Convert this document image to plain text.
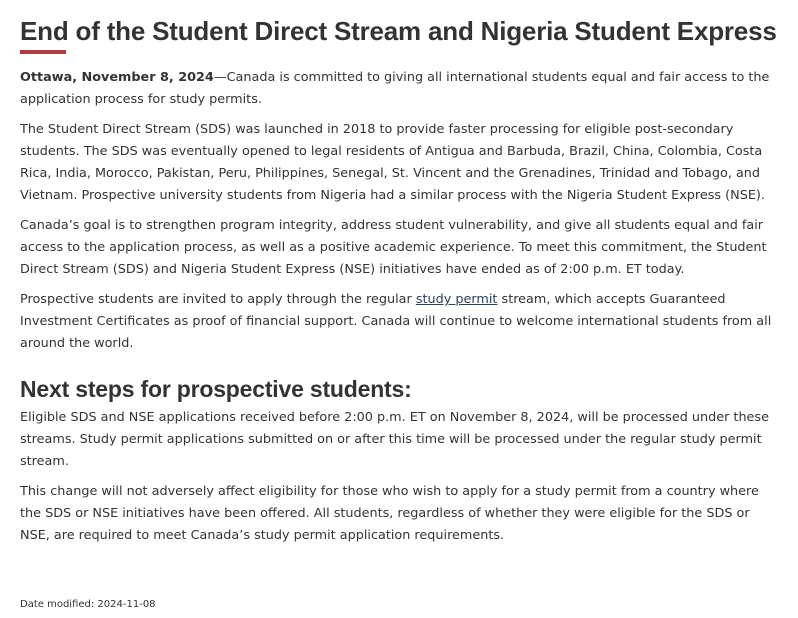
End of the Student Direct Stream and Nigeria Student Express

Ottawa, November 8, 2024—Canada is committed to giving all international students equal and fair access to the application process for study permits.

The Student Direct Stream (SDS) was launched in 2018 to provide faster processing for eligible post-secondary students. The SDS was eventually opened to legal residents of Antigua and Barbuda, Brazil, China, Colombia, Costa Rica, India, Morocco, Pakistan, Peru, Philippines, Senegal, St. Vincent and the Grenadines, Trinidad and Tobago, and Vietnam. Prospective university students from Nigeria had a similar process with the Nigeria Student Express (NSE).

Canada’s goal is to strengthen program integrity, address student vulnerability, and give all students equal and fair access to the application process, as well as a positive academic experience. To meet this commitment, the Student Direct Stream (SDS) and Nigeria Student Express (NSE) initiatives have ended as of 2:00 p.m. ET today.

Prospective students are invited to apply through the regular study permit stream, which accepts Guaranteed Investment Certificates as proof of financial support. Canada will continue to welcome international students from all around the world.

Next steps for prospective students:

Eligible SDS and NSE applications received before 2:00 p.m. ET on November 8, 2024, will be processed under these streams. Study permit applications submitted on or after this time will be processed under the regular study permit stream.

This change will not adversely affect eligibility for those who wish to apply for a study permit from a country where the SDS or NSE initiatives have been offered. All students, regardless of whether they were eligible for the SDS or NSE, are required to meet Canada’s study permit application requirements.

Date modified: 2024-11-08
